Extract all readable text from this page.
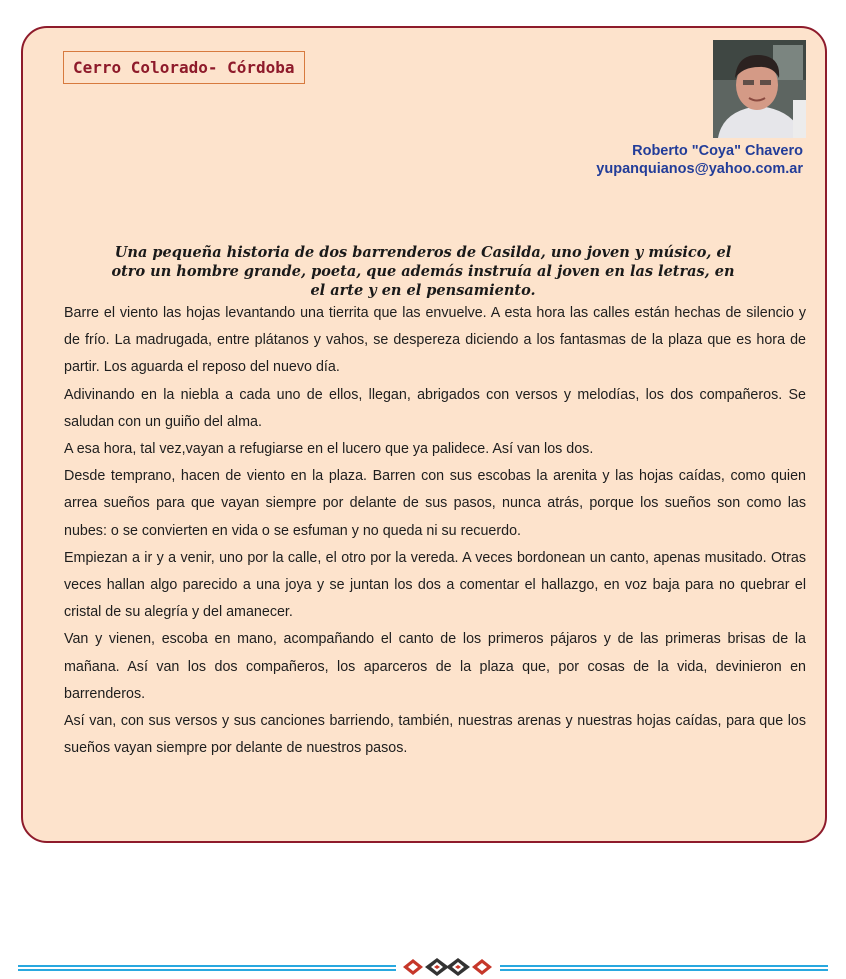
Cerro Colorado- Córdoba
Roberto "Coya" Chavero
yupanquianos@yahoo.com.ar
Una pequeña historia de dos barrenderos de Casilda, uno joven y músico, el otro un hombre grande, poeta, que además instruía al joven en las letras, en el arte y en el pensamiento.

Barre el viento las hojas levantando una tierrita que las envuelve. A esta hora las calles están hechas de silencio y de frío. La madrugada, entre plátanos y vahos, se despereza diciendo a los fantasmas de la plaza que es hora de partir. Los aguarda el reposo del nuevo día.

Adivinando en la niebla a cada uno de ellos, llegan, abrigados con versos y melodías, los dos compañeros. Se saludan con un guiño del alma.

A esa hora, tal vez,vayan a refugiarse en el lucero que ya palidece. Así van los dos.

Desde temprano, hacen de viento en la plaza. Barren con sus escobas la arenita y las hojas caídas, como quien arrea sueños para que vayan siempre por delante de sus pasos, nunca atrás, porque los sueños son como las nubes: o se convierten en vida o se esfuman y no queda ni su recuerdo.

Empiezan a ir y a venir, uno por la calle, el otro por la vereda. A veces bordonean un canto, apenas musitado. Otras veces hallan algo parecido a una joya y se juntan los dos a comentar el hallazgo, en voz baja para no quebrar el cristal de su alegría y del amanecer.

Van y vienen, escoba en mano, acompañando el canto de los primeros pájaros y de las primeras brisas de la mañana. Así van los dos compañeros, los aparceros de la plaza que, por cosas de la vida, devinieron en barrenderos.

Así van, con sus versos y sus canciones barriendo, también, nuestras arenas y nuestras hojas caídas, para que los sueños vayan siempre por delante de nuestros pasos.
